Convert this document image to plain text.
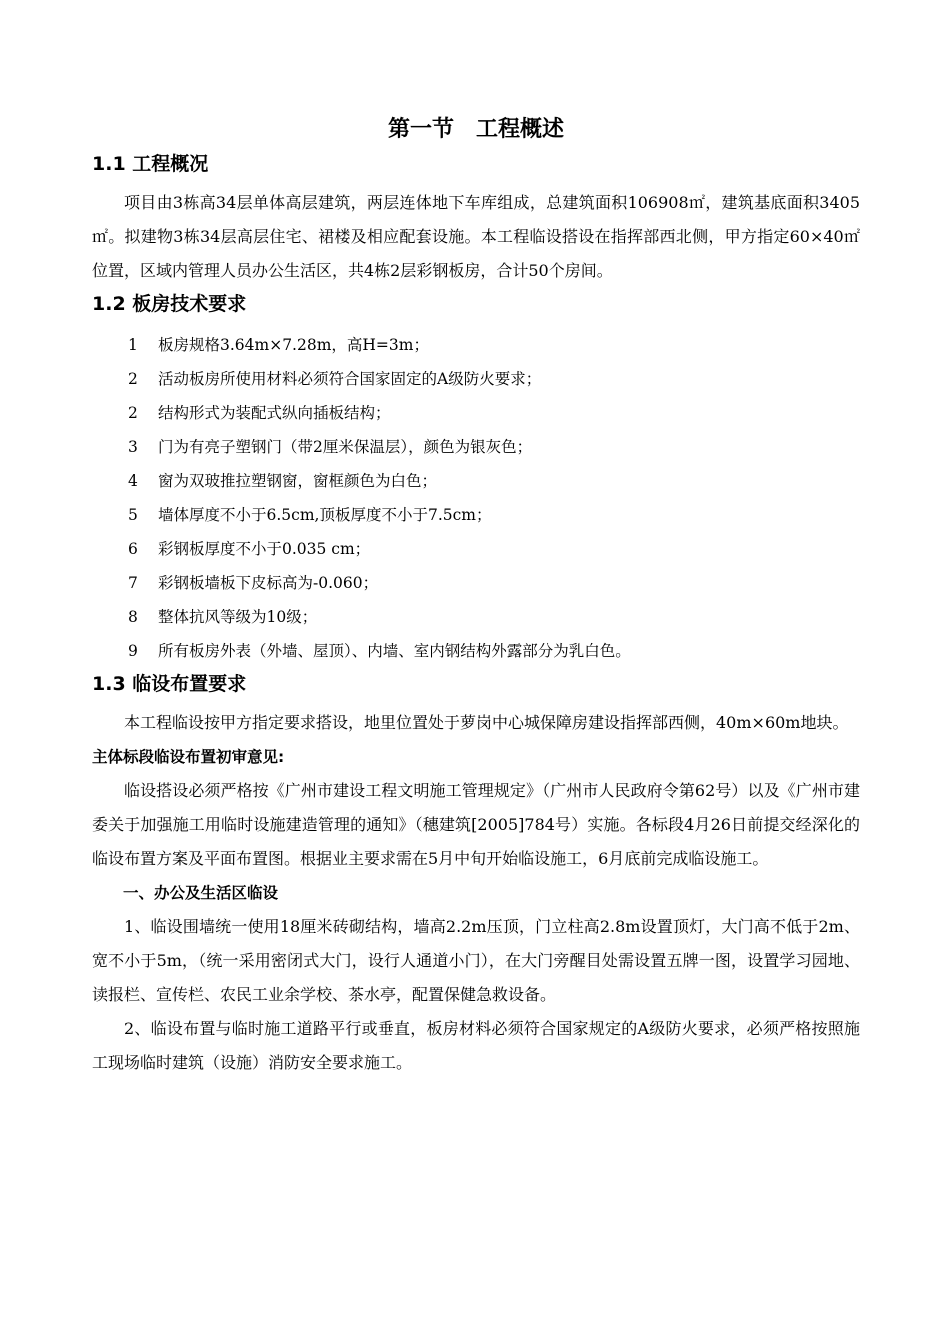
第一节　工程概述
1.1 工程概况

项目由3栋高34层单体高层建筑，两层连体地下车库组成，总建筑面积106908㎡，建筑基底面积3405㎡。拟建物3栋34层高层住宅、裙楼及相应配套设施。本工程临设搭设在指挥部西北侧，甲方指定60×40㎡位置，区域内管理人员办公生活区，共4栋2层彩钢板房，合计50个房间。

1.2 板房技术要求
1 板房规格3.64m×7.28m，高H=3m；
2 活动板房所使用材料必须符合国家固定的A级防火要求；
2 结构形式为装配式纵向插板结构；
3 门为有亮子塑钢门（带2厘米保温层），颜色为银灰色；
4 窗为双玻推拉塑钢窗，窗框颜色为白色；
5 墙体厚度不小于6.5cm,顶板厚度不小于7.5cm；
6 彩钢板厚度不小于0.035 cm；
7 彩钢板墙板下皮标高为-0.060；
8 整体抗风等级为10级；
9 所有板房外表（外墙、屋顶）、内墙、室内钢结构外露部分为乳白色。
1.3 临设布置要求

本工程临设按甲方指定要求搭设，地里位置处于萝岗中心城保障房建设指挥部西侧，40m×60m地块。

主体标段临设布置初审意见:

临设搭设必须严格按《广州市建设工程文明施工管理规定》（广州市人民政府令第62号）以及《广州市建委关于加强施工用临时设施建造管理的通知》（穗建筑[2005]784号）实施。各标段4月26日前提交经深化的临设布置方案及平面布置图。根据业主要求需在5月中旬开始临设施工，6月底前完成临设施工。

一、办公及生活区临设

1、临设围墙统一使用18厘米砖砌结构，墙高2.2m压顶，门立柱高2.8m设置顶灯，大门高不低于2m、宽不小于5m，（统一采用密闭式大门，设行人通道小门），在大门旁醒目处需设置五牌一图，设置学习园地、读报栏、宣传栏、农民工业余学校、茶水亭，配置保健急救设备。

2、临设布置与临时施工道路平行或垂直，板房材料必须符合国家规定的A级防火要求，必须严格按照施工现场临时建筑（设施）消防安全要求施工。
